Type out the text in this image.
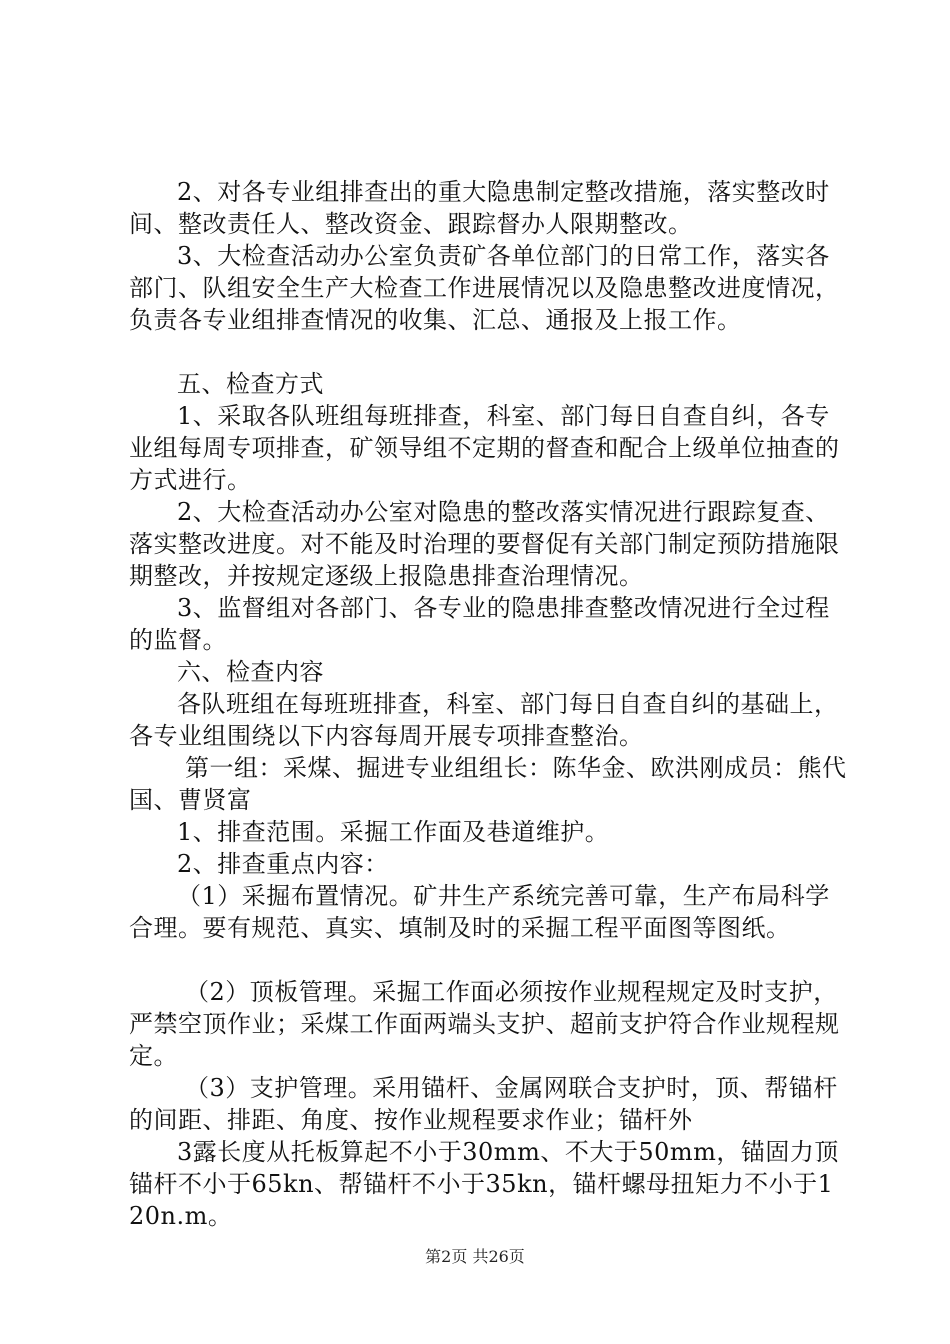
2、对各专业组排查出的重大隐患制定整改措施，落实整改时间、整改责任人、整改资金、跟踪督办人限期整改。

3、大检查活动办公室负责矿各单位部门的日常工作，落实各部门、队组安全生产大检查工作进展情况以及隐患整改进度情况，负责各专业组排查情况的收集、汇总、通报及上报工作。

五、检查方式

1、采取各队班组每班排查，科室、部门每日自查自纠，各专业组每周专项排查，矿领导组不定期的督查和配合上级单位抽查的方式进行。

2、大检查活动办公室对隐患的整改落实情况进行跟踪复查、落实整改进度。对不能及时治理的要督促有关部门制定预防措施限期整改，并按规定逐级上报隐患排查治理情况。

3、监督组对各部门、各专业的隐患排查整改情况进行全过程的监督。

六、检查内容

各队班组在每班班排查，科室、部门每日自查自纠的基础上，各专业组围绕以下内容每周开展专项排查整治。

第一组：采煤、掘进专业组组长：陈华金、欧洪刚成员：熊代国、曹贤富

1、排查范围。采掘工作面及巷道维护。

2、排查重点内容：

（1）采掘布置情况。矿井生产系统完善可靠，生产布局科学合理。要有规范、真实、填制及时的采掘工程平面图等图纸。

（2）顶板管理。采掘工作面必须按作业规程规定及时支护，严禁空顶作业；采煤工作面两端头支护、超前支护符合作业规程规定。

（3）支护管理。采用锚杆、金属网联合支护时，顶、帮锚杆的间距、排距、角度、按作业规程要求作业；锚杆外

3露长度从托板算起不小于30mm、不大于50mm，锚固力顶锚杆不小于65kn、帮锚杆不小于35kn，锚杆螺母扭矩力不小于120n.m。

第2页 共26页
